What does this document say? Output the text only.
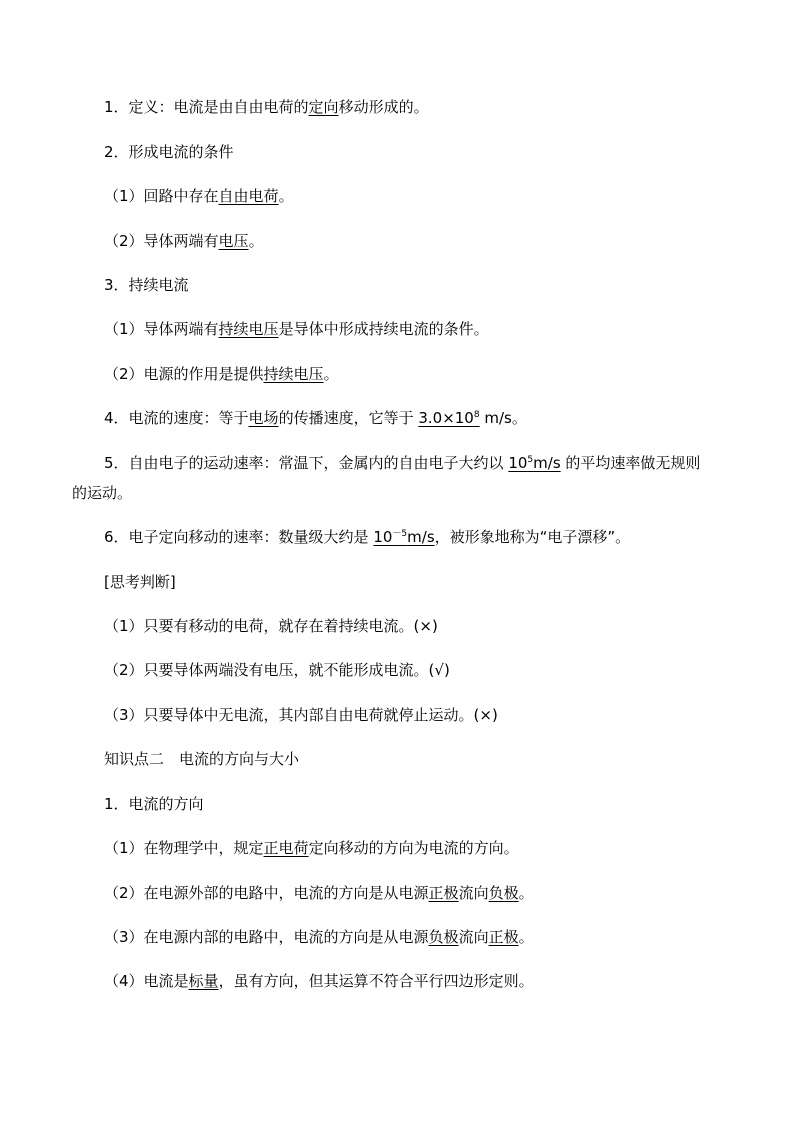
1．定义：电流是由自由电荷的定向移动形成的。
2．形成电流的条件
（1）回路中存在自由电荷。
（2）导体两端有电压。
3．持续电流
（1）导体两端有持续电压是导体中形成持续电流的条件。
（2）电源的作用是提供持续电压。
4．电流的速度：等于电场的传播速度，它等于 $3.0\times 10^8$ m/s。
5．自由电子的运动速率：常温下，金属内的自由电子大约以 $10^5m/s$ 的平均速率做无规则
的运动。
6．电子定向移动的速率：数量级大约是 $10^{-5}m/s$，被形象地称为“电子漂移”。
[思考判断]
（1）只要有移动的电荷，就存在着持续电流。(×)
（2）只要导体两端没有电压，就不能形成电流。(√)
（3）只要导体中无电流，其内部自由电荷就停止运动。(×)
知识点二　电流的方向与大小
1．电流的方向
（1）在物理学中，规定正电荷定向移动的方向为电流的方向。
（2）在电源外部的电路中，电流的方向是从电源正极流向负极。
（3）在电源内部的电路中，电流的方向是从电源负极流向正极。
（4）电流是标量，虽有方向，但其运算不符合平行四边形定则。
